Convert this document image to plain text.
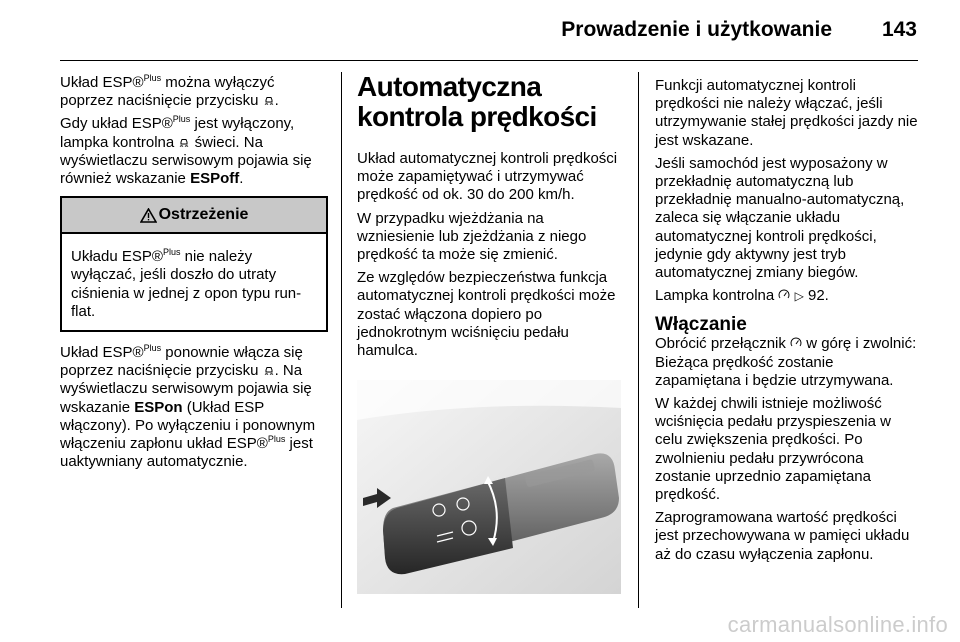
Prowadzenie i użytkowanie 143

Układ ESP®$^{Plus}$ można wyłączyć poprzez naciśnięcie przycisku .

Gdy układ ESP®$^{Plus}$ jest wyłączony, lampka kontrolna  świeci. Na wyświetlaczu serwisowym pojawia się również wskazanie ESPoff.

Ostrzeżenie
Układu ESP®$^{Plus}$ nie należy wyłączać, jeśli doszło do utraty ciśnienia w jednej z opon typu run-flat.

Układ ESP®$^{Plus}$ ponownie włącza się poprzez naciśnięcie przycisku . Na wyświetlaczu serwisowym pojawia się wskazanie ESPon (Układ ESP włączony). Po wyłączeniu i ponownym włączeniu zapłonu układ ESP®$^{Plus}$ jest uaktywniany automatycznie.

Automatyczna kontrola prędkości

Układ automatycznej kontroli prędkości może zapamiętywać i utrzymywać prędkość od ok. 30 do 200 km/h.

W przypadku wjeżdżania na wzniesienie lub zjeżdżania z niego prędkość ta może się zmienić.

Ze względów bezpieczeństwa funkcja automatycznej kontroli prędkości może zostać włączona dopiero po jednokrotnym wciśnięciu pedału hamulca.

Funkcji automatycznej kontroli prędkości nie należy włączać, jeśli utrzymywanie stałej prędkości jazdy nie jest wskazane.

Jeśli samochód jest wyposażony w przekładnię automatyczną lub przekładnię manualno-automatyczną, zaleca się włączanie układu automatycznej kontroli prędkości, jedynie gdy aktywny jest tryb automatycznej zmiany biegów.

Lampka kontrolna  ▷ 92.

Włączanie

Obrócić przełącznik  w górę i zwolnić: Bieżąca prędkość zostanie zapamiętana i będzie utrzymywana.

W każdej chwili istnieje możliwość wciśnięcia pedału przyspieszenia w celu zwiększenia prędkości. Po zwolnieniu pedału przywrócona zostanie uprzednio zapamiętana prędkość.

Zaprogramowana wartość prędkości jest przechowywana w pamięci układu aż do czasu wyłączenia zapłonu.

carmanualsonline.info
